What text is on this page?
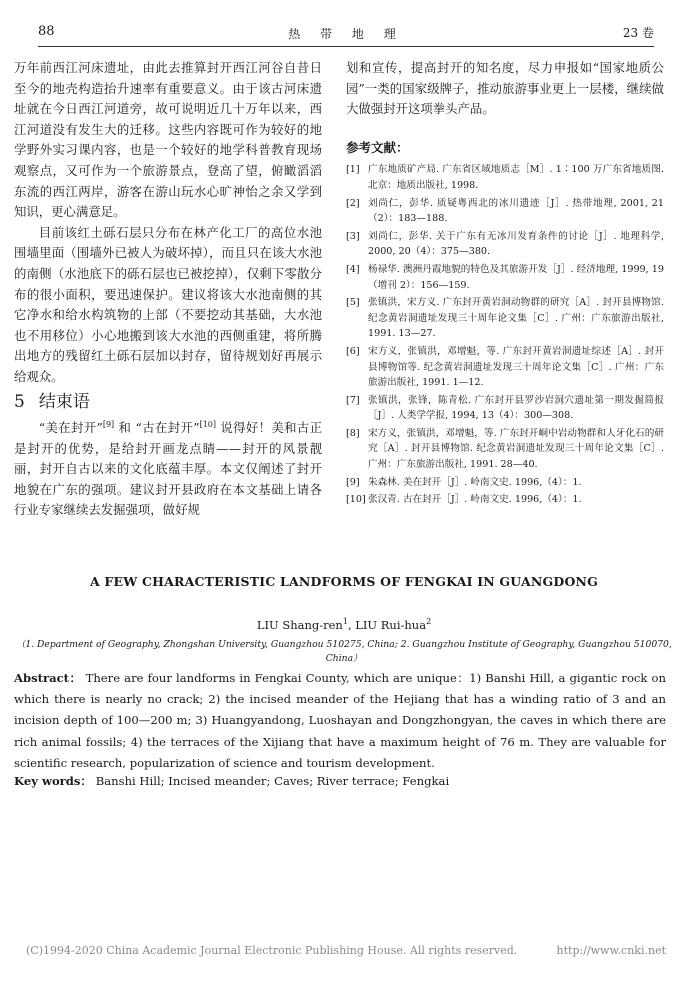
88	热 带 地 理	23 卷

万年前西江河床遗址，由此去推算封开西江河谷自昔日至今的地壳构造抬升速率有重要意义。由于该古河床遗址就在今日西江河道旁，故可说明近几十万年以来，西江河道没有发生大的迁移。这些内容既可作为较好的地学野外实习课内容，也是一个较好的地学科普教育现场观察点，又可作为一个旅游景点，登高了望，俯瞰滔滔东流的西江两岸，游客在游山玩水心旷神怡之余又学到知识，更心满意足。

目前该红土砾石层只分布在林产化工厂的高位水池围墙里面（围墙外已被人为破坏掉），而且只在该大水池的南侧（水池底下的砾石层也已被挖掉），仅剩下零散分布的很小面积，要迅速保护。建议将该大水池南侧的其它净水和给水构筑物的上部（不要挖动其基础，大水池也不用移位）小心地搬到该大水池的西侧重建，将所腾出地方的残留红土砾石层加以封存，留待规划好再展示给观众。

5 结束语

“美在封开”[9] 和 “古在封开”[10] 说得好！美和古正是封开的优势，是给封开画龙点睛——封开的风景靓丽，封开自古以来的文化底蕴丰厚。本文仅阐述了封开地貌在广东的强项。建议封开县政府在本文基础上请各行业专家继续去发掘强项，做好规

划和宣传，提高封开的知名度，尽力申报如“国家地质公园”一类的国家级牌子，推动旅游事业更上一层楼，继续做大做强封开这项拳头产品。

参考文献：
[1] 广东地质矿产局. 广东省区域地质志［M］. 1∶100 万广东省地质图. 北京：地质出版社, 1998.
[2] 刘尚仁，彭华. 质疑粤西北的冰川遗迹［J］. 热带地理, 2001, 21（2）：183—188.
[3] 刘尚仁，彭华. 关于广东有无冰川发育条件的讨论［J］. 地理科学, 2000, 20（4）：375—380.
[4] 杨禄华. 澳洲丹霞地貌的特色及其旅游开发［J］. 经济地理, 1999, 19（增刊 2）：156—159.
[5] 张镇洪，宋方义. 广东封开黄岩洞动物群的研究［A］. 封开县博物馆. 纪念黄岩洞遗址发现三十周年论文集［C］. 广州：广东旅游出版社, 1991. 13—27.
[6] 宋方义，张镇洪，邓增魁，等. 广东封开黄岩洞遗址综述［A］. 封开县博物馆等. 纪念黄岩洞遗址发现三十周年论文集［C］. 广州：广东旅游出版社, 1991. 1—12.
[7] 张镇洪，张锋，陈青松. 广东封开县罗沙岩洞穴遗址第一期发掘简报［J］. 人类学学报, 1994, 13（4）：300—308.
[8] 宋方义，张镇洪，邓增魁，等. 广东封开峒中岩动物群和人牙化石的研究［A］. 封开县博物馆. 纪念黄岩洞遗址发现三十周年论文集［C］. 广州：广东旅游出版社, 1991. 28—40.
[9] 朱森林. 美在封开［J］. 岭南文史. 1996,（4）：1.
[10] 张汉青. 古在封开［J］. 岭南文史. 1996,（4）：1.
A FEW CHARACTERISTIC LANDFORMS OF FENGKAI IN GUANGDONG
LIU Shang-ren$^1$, LIU Rui-hua$^2$
（1. Department of Geography, Zhongshan University, Guangzhou 510275, China; 2. Guangzhou Institute of Geography, Guangzhou 510070, China）
Abstract： There are four landforms in Fengkai County, which are unique：1) Banshi Hill, a gigantic rock on which there is nearly no crack; 2) the incised meander of the Hejiang that has a winding ratio of 3 and an incision depth of 100—200 m; 3) Huangyandong, Luoshayan and Dongzhongyan, the caves in which there are rich animal fossils; 4) the terraces of the Xijiang that have a maximum height of 76 m. They are valuable for scientific research, popularization of science and tourism development.
Key words： Banshi Hill; Incised meander; Caves; River terrace; Fengkai
(C)1994-2020 China Academic Journal Electronic Publishing House. All rights reserved.	http://www.cnki.net
